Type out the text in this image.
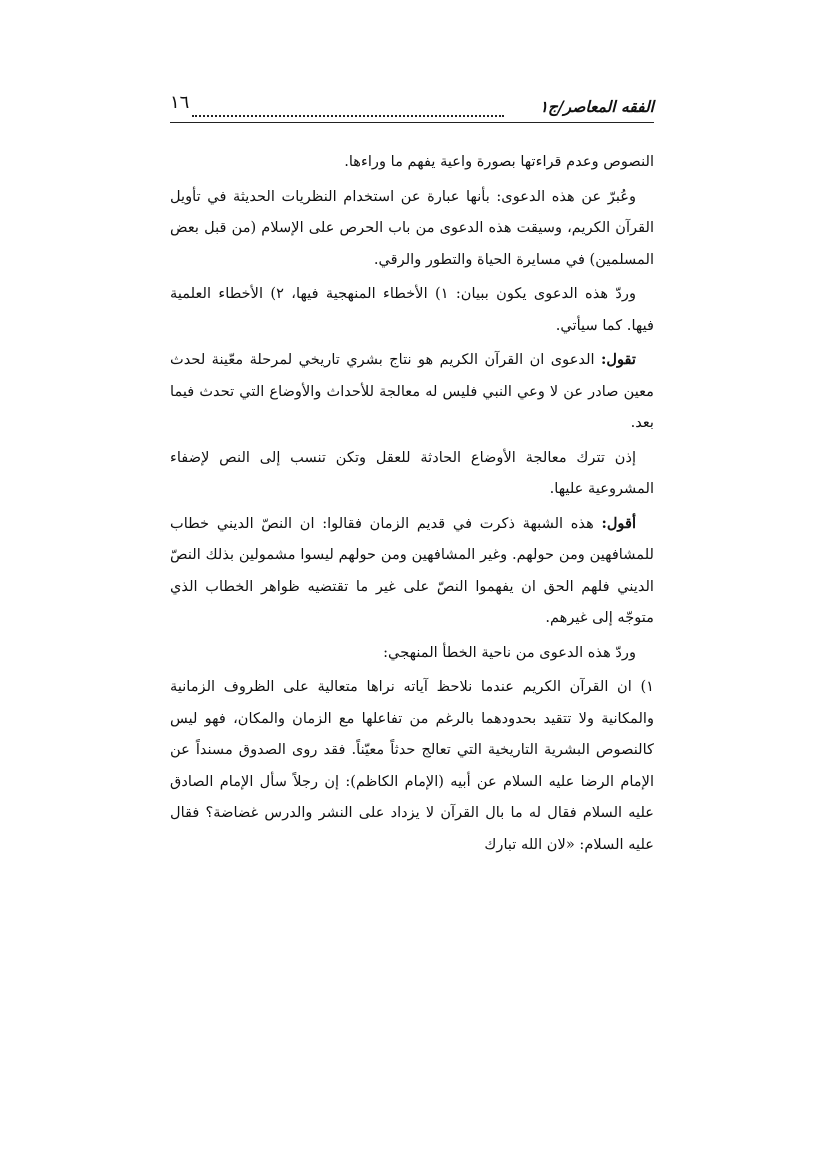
١٦	الفقه المعاصر/ج١

النصوص وعدم قراءتها بصورة واعية يفهم ما وراءها.

وعُبرّ عن هذه الدعوى: بأنها عبارة عن استخدام النظريات الحديثة في تأويل القرآن الكريم، وسيقت هذه الدعوى من باب الحرص على الإسلام (من قبل بعض المسلمين) في مسايرة الحياة والتطور والرقي.

وردّ هذه الدعوى يكون ببيان: ١) الأخطاء المنهجية فيها، ٢) الأخطاء العلمية فيها. كما سيأتي.

تقول: الدعوى ان القرآن الكريم هو نتاج بشري تاريخي لمرحلة معّينة لحدث معين صادر عن لا وعي النبي فليس له معالجة للأحداث والأوضاع التي تحدث فيما بعد.

إذن تترك معالجة الأوضاع الحادثة للعقل وتكن تنسب إلى النص لإضفاء المشروعية عليها.

أقول: هذه الشبهة ذكرت في قديم الزمان فقالوا: ان النصّ الديني خطاب للمشافهين ومن حولهم. وغير المشافهين ومن حولهم ليسوا مشمولين بذلك النصّ الديني فلهم الحق ان يفهموا النصّ على غير ما تقتضيه ظواهر الخطاب الذي متوجّه إلى غيرهم.

وردّ هذه الدعوى من ناحية الخطأ المنهجي:

١) ان القرآن الكريم عندما نلاحظ آياته نراها متعالية على الظروف الزمانية والمكانية ولا تتقيد بحدودهما بالرغم من تفاعلها مع الزمان والمكان، فهو ليس كالنصوص البشرية التاريخية التي تعالج حدثاً معيّناً. فقد روى الصدوق مسنداً عن الإمام الرضا عليه السلام عن أبيه (الإمام الكاظم): إن رجلاً سأل الإمام الصادق عليه السلام فقال له ما بال القرآن لا يزداد على النشر والدرس غضاضة؟ فقال عليه السلام: «لان الله تبارك
